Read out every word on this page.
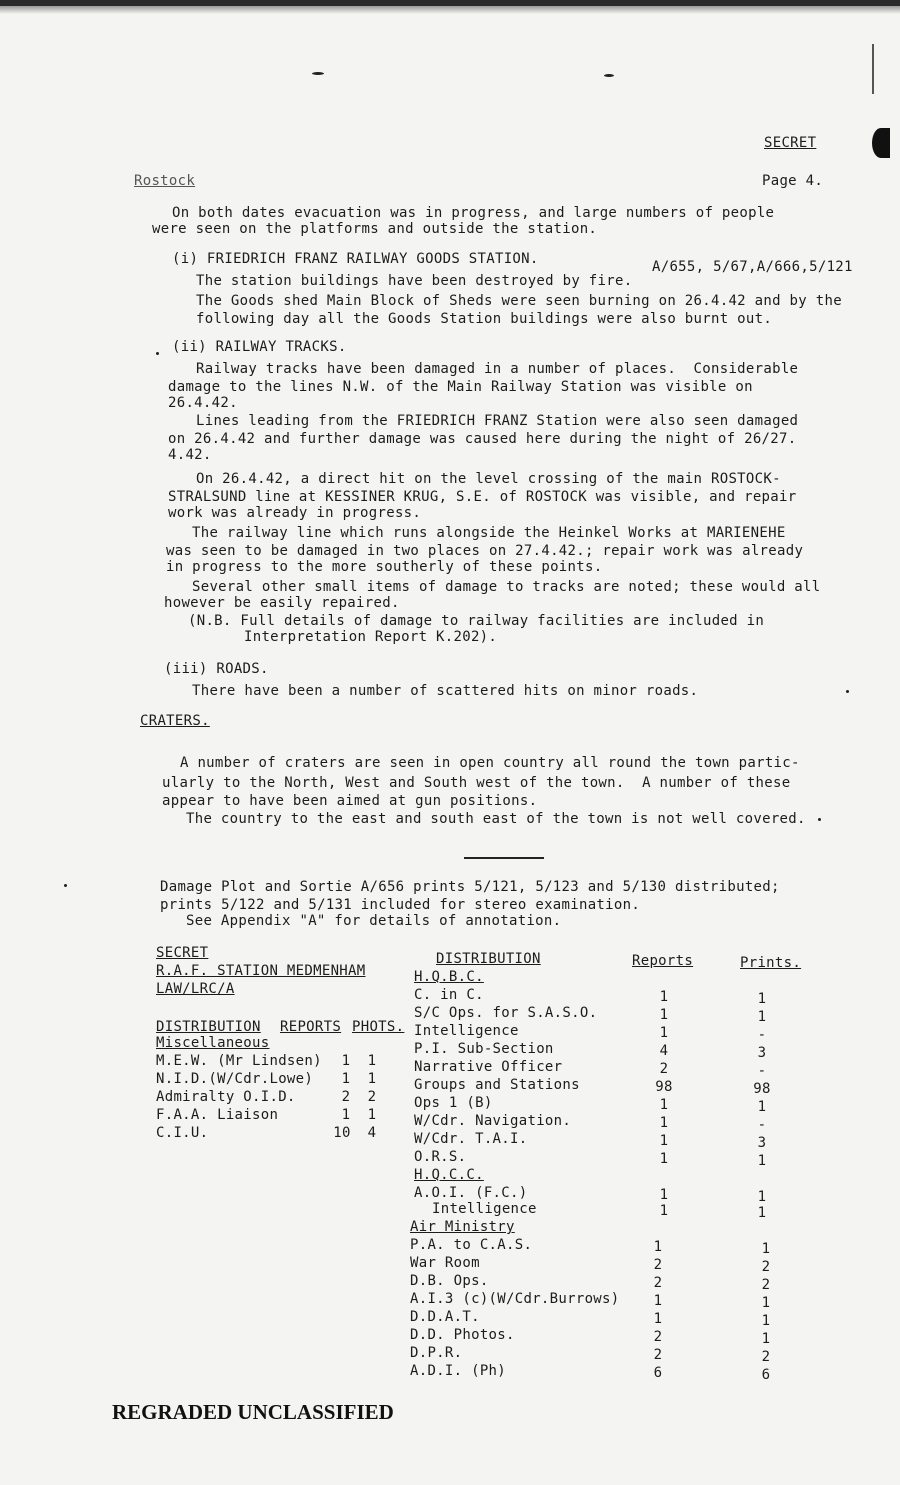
SECRET
Rostock	Page 4.
On both dates evacuation was in progress, and large numbers of people
were seen on the platforms and outside the station.
(i) FRIEDRICH FRANZ RAILWAY GOODS STATION.	A/655, 5/67,A/666,5/121
The station buildings have been destroyed by fire.
The Goods shed Main Block of Sheds were seen burning on 26.4.42 and by the
following day all the Goods Station buildings were also burnt out.
(ii) RAILWAY TRACKS.
Railway tracks have been damaged in a number of places.  Considerable
damage to the lines N.W. of the Main Railway Station was visible on
26.4.42.
Lines leading from the FRIEDRICH FRANZ Station were also seen damaged
on 26.4.42 and further damage was caused here during the night of 26/27.
4.42.
On 26.4.42, a direct hit on the level crossing of the main ROSTOCK-
STRALSUND line at KESSINER KRUG, S.E. of ROSTOCK was visible, and repair
work was already in progress.
The railway line which runs alongside the Heinkel Works at MARIENEHE
was seen to be damaged in two places on 27.4.42.; repair work was already
in progress to the more southerly of these points.
Several other small items of damage to tracks are noted; these would all
however be easily repaired.
(N.B. Full details of damage to railway facilities are included in
Interpretation Report K.202).
(iii) ROADS.
There have been a number of scattered hits on minor roads.
CRATERS.
A number of craters are seen in open country all round the town partic-
ularly to the North, West and South west of the town.  A number of these
appear to have been aimed at gun positions.
The country to the east and south east of the town is not well covered.
Damage Plot and Sortie A/656 prints 5/121, 5/123 and 5/130 distributed;
prints 5/122 and 5/131 included for stereo examination.
See Appendix "A" for details of annotation.
SECRET
R.A.F. STATION MEDMENHAM
LAW/LRC/A
DISTRIBUTION REPORTS PHOTS.
Miscellaneous
M.E.W. (Mr Lindsen)	1	1
N.I.D.(W/Cdr.Lowe)	1	1
Admiralty O.I.D.	2	2
F.A.A. Liaison	1	1
C.I.U.	10	4
DISTRIBUTION	Reports	Prints.
H.Q.B.C.
C. in C.	1	1
S/C Ops. for S.A.S.O.	1	1
Intelligence	1	-
P.I. Sub-Section	4	3
Narrative Officer	2	-
Groups and Stations	98	98
Ops 1 (B)	1	1
W/Cdr. Navigation.	1	-
W/Cdr. T.A.I.	1	3
O.R.S.	1	1
H.Q.C.C.
A.O.I. (F.C.)	1	1
Intelligence	1	1
Air Ministry
P.A. to C.A.S.	1	1
War Room	2	2
D.B. Ops.	2	2
A.I.3 (c)(W/Cdr.Burrows)	1	1
D.D.A.T.	1	1
D.D. Photos.	2	1
D.P.R.	2	2
A.D.I. (Ph)	6	6
REGRADED UNCLASSIFIED
